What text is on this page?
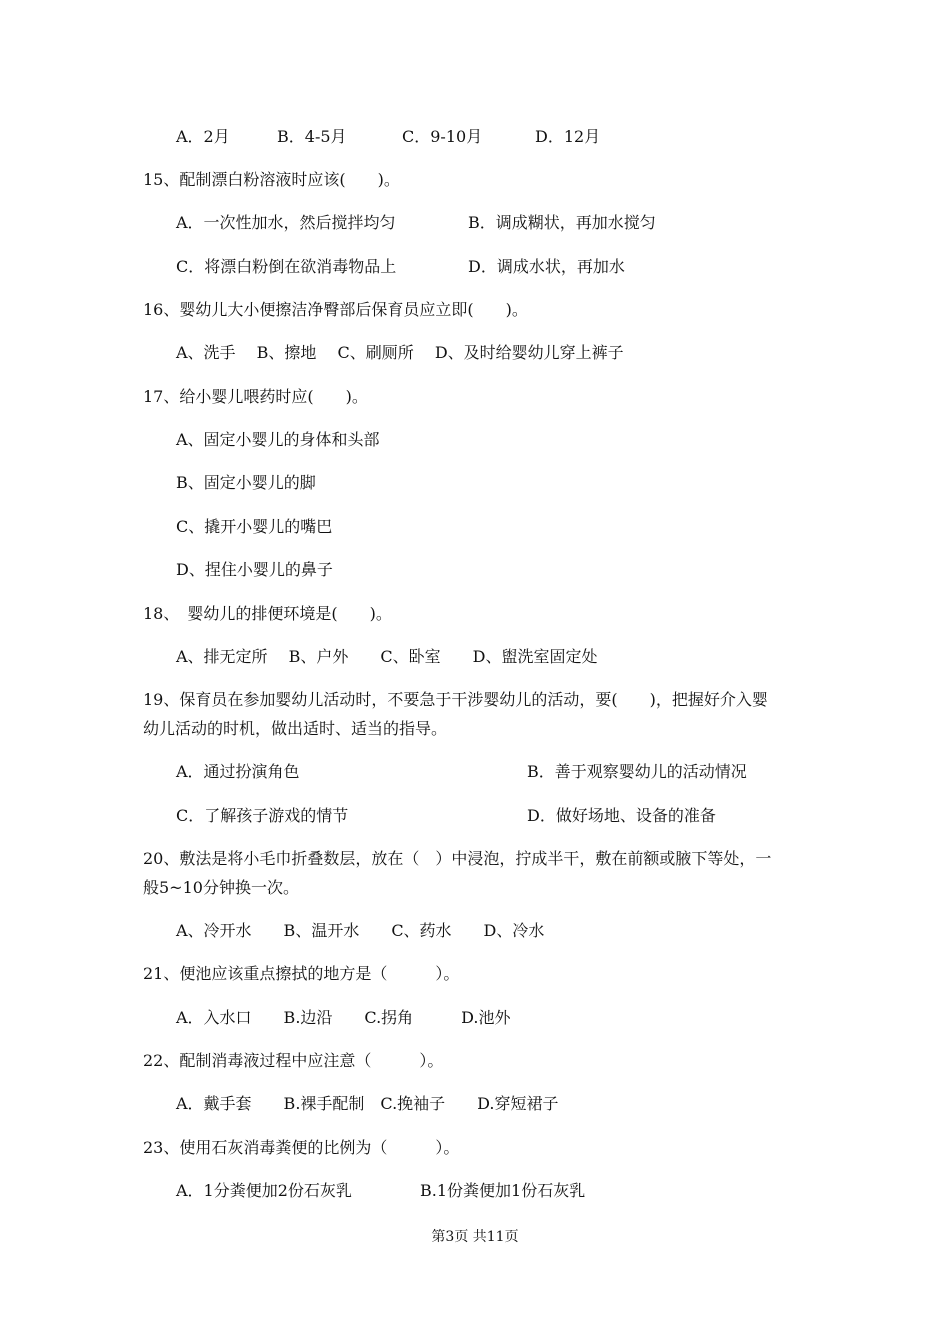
A．2月	B．4-5月	C．9-10月	D．12月
15、配制漂白粉溶液时应该(　　)。
A．一次性加水，然后搅拌均匀	B．调成糊状，再加水搅匀
C．将漂白粉倒在欲消毒物品上	D．调成水状，再加水
16、婴幼儿大小便擦洁净臀部后保育员应立即(　　)。
A、洗手　 B、擦地　 C、刷厕所　 D、及时给婴幼儿穿上裤子
17、给小婴儿喂药时应(　　)。
A、固定小婴儿的身体和头部
B、固定小婴儿的脚
C、撬开小婴儿的嘴巴
D、捏住小婴儿的鼻子
18、　婴幼儿的排便环境是(　　)。
A、排无定所　 B、户外　　C、卧室　　D、盥洗室固定处
19、保育员在参加婴幼儿活动时，不要急于干涉婴幼儿的活动，要(　　)，把握好介入婴
幼儿活动的时机，做出适时、适当的指导。
A．通过扮演角色	B．善于观察婴幼儿的活动情况
C．了解孩子游戏的情节	D．做好场地、设备的准备
20、敷法是将小毛巾折叠数层，放在（　）中浸泡，拧成半干，敷在前额或腋下等处，一
般5~10分钟换一次。
A、冷开水　　B、温开水　　C、药水　　D、冷水
21、便池应该重点擦拭的地方是（　　　）。
A．入水口　　B.边沿　　C.拐角　　　D.池外
22、配制消毒液过程中应注意（　　　）。
A．戴手套　　B.裸手配制　C.挽袖子　　D.穿短裙子
23、使用石灰消毒粪便的比例为（　　　）。
A．1分粪便加2份石灰乳	B.1份粪便加1份石灰乳
第3页 共11页
